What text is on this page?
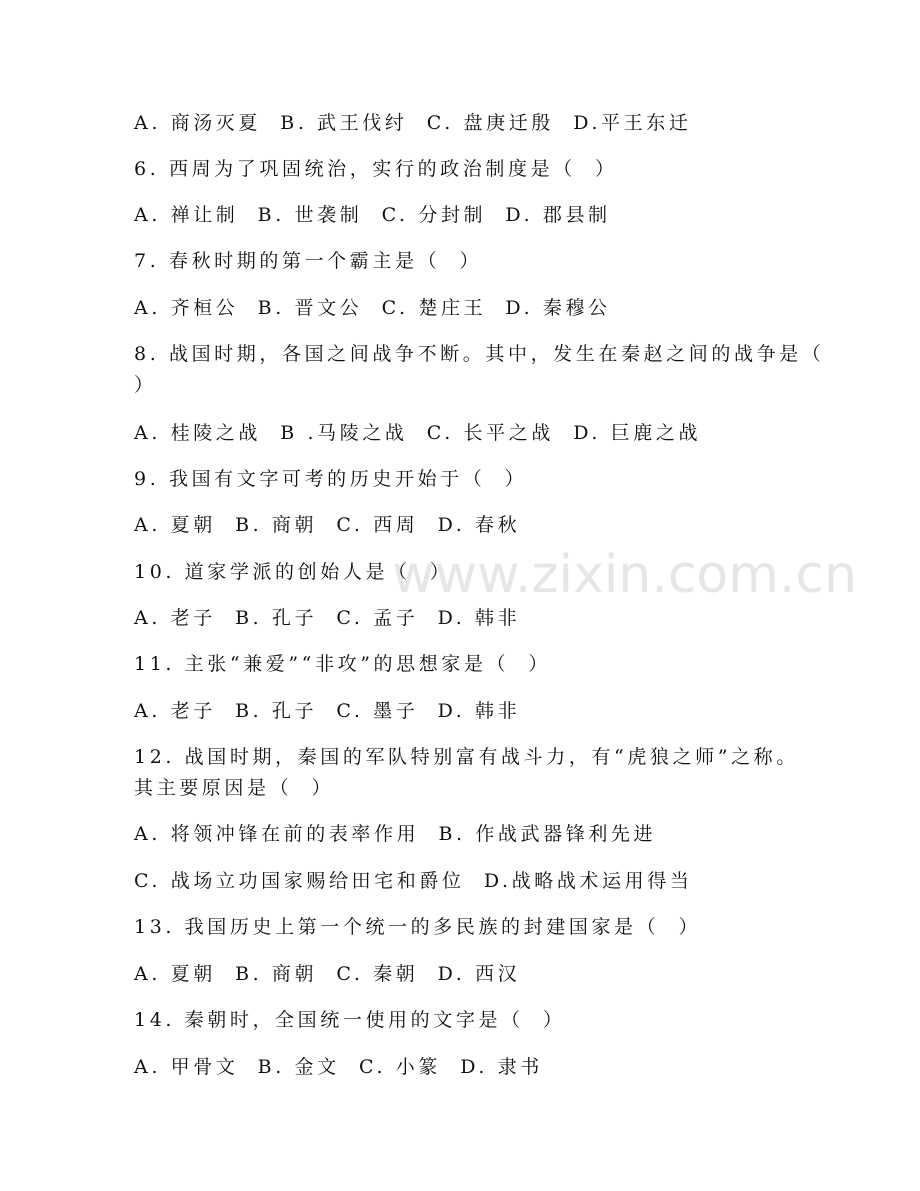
www.zixin.com.cn
A. 商汤灭夏  B. 武王伐纣  C. 盘庚迁殷  D.平王东迁
6. 西周为了巩固统治，实行的政治制度是（  ）
A. 禅让制  B. 世袭制  C. 分封制  D. 郡县制
7. 春秋时期的第一个霸主是（  ）
A. 齐桓公  B. 晋文公  C. 楚庄王  D. 秦穆公
8. 战国时期，各国之间战争不断。其中，发生在秦赵之间的战争是（
）
A. 桂陵之战  B .马陵之战  C. 长平之战  D. 巨鹿之战
9. 我国有文字可考的历史开始于（  ）
A. 夏朝  B. 商朝  C. 西周  D. 春秋
10. 道家学派的创始人是（  ）
A. 老子  B. 孔子  C. 孟子  D. 韩非
11. 主张“兼爱”“非攻”的思想家是（  ）
A. 老子  B. 孔子  C. 墨子  D. 韩非
12. 战国时期，秦国的军队特别富有战斗力，有“虎狼之师”之称。
其主要原因是（  ）
A. 将领冲锋在前的表率作用  B. 作战武器锋利先进
C. 战场立功国家赐给田宅和爵位  D.战略战术运用得当
13. 我国历史上第一个统一的多民族的封建国家是（  ）
A. 夏朝  B. 商朝  C. 秦朝  D. 西汉
14. 秦朝时，全国统一使用的文字是（  ）
A. 甲骨文  B. 金文  C. 小篆  D. 隶书
